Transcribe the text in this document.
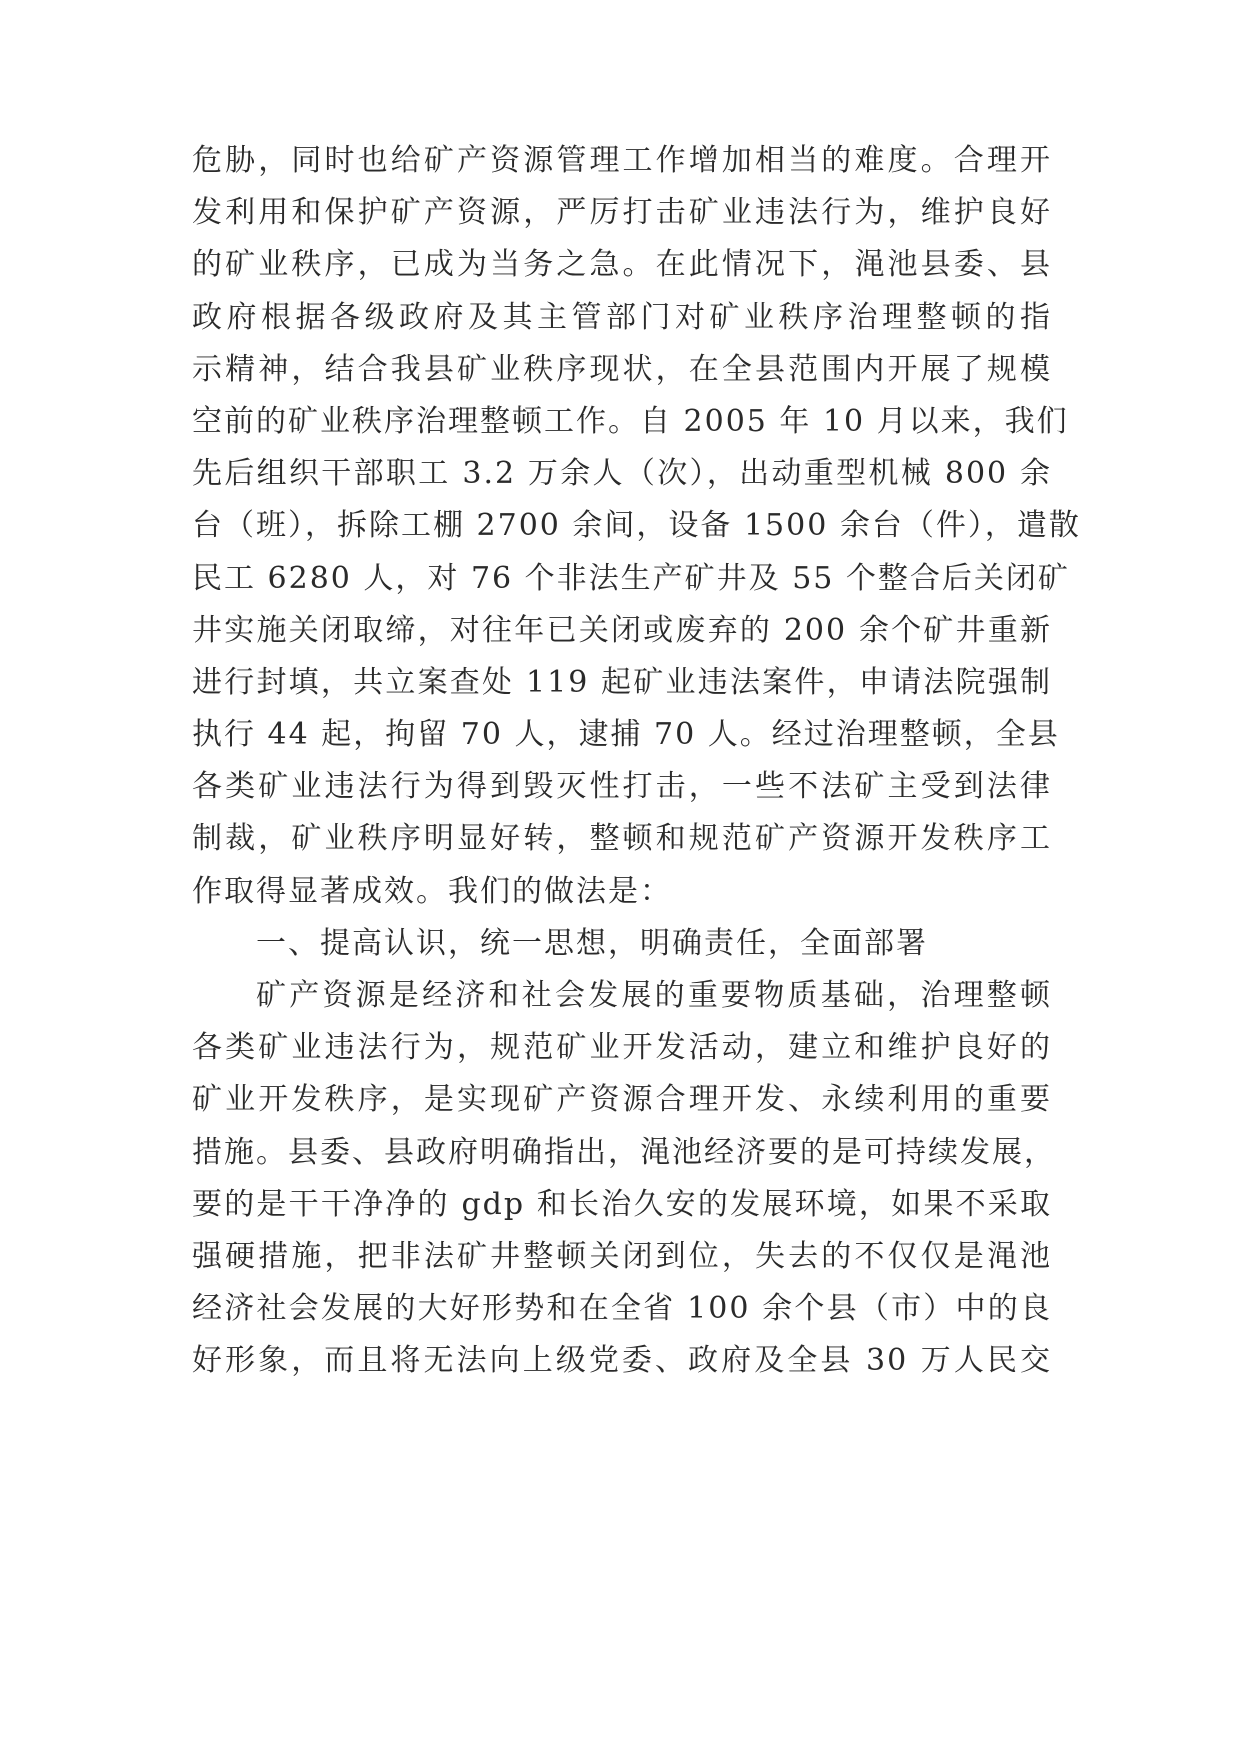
危胁，同时也给矿产资源管理工作增加相当的难度。合理开
发利用和保护矿产资源，严厉打击矿业违法行为，维护良好
的矿业秩序，已成为当务之急。在此情况下，渑池县委、县
政府根据各级政府及其主管部门对矿业秩序治理整顿的指
示精神，结合我县矿业秩序现状，在全县范围内开展了规模
空前的矿业秩序治理整顿工作。自 2005 年 10 月以来，我们
先后组织干部职工 3.2 万余人（次），出动重型机械 800 余
台（班），拆除工棚 2700 余间，设备 1500 余台（件），遣散
民工 6280 人，对 76 个非法生产矿井及 55 个整合后关闭矿
井实施关闭取缔，对往年已关闭或废弃的 200 余个矿井重新
进行封填，共立案查处 119 起矿业违法案件，申请法院强制
执行 44 起，拘留 70 人，逮捕 70 人。经过治理整顿，全县
各类矿业违法行为得到毁灭性打击，一些不法矿主受到法律
制裁，矿业秩序明显好转，整顿和规范矿产资源开发秩序工
作取得显著成效。我们的做法是：
一、提高认识，统一思想，明确责任，全面部署
矿产资源是经济和社会发展的重要物质基础，治理整顿
各类矿业违法行为，规范矿业开发活动，建立和维护良好的
矿业开发秩序，是实现矿产资源合理开发、永续利用的重要
措施。县委、县政府明确指出，渑池经济要的是可持续发展，
要的是干干净净的 gdp 和长治久安的发展环境，如果不采取
强硬措施，把非法矿井整顿关闭到位，失去的不仅仅是渑池
经济社会发展的大好形势和在全省 100 余个县（市）中的良
好形象，而且将无法向上级党委、政府及全县 30 万人民交
